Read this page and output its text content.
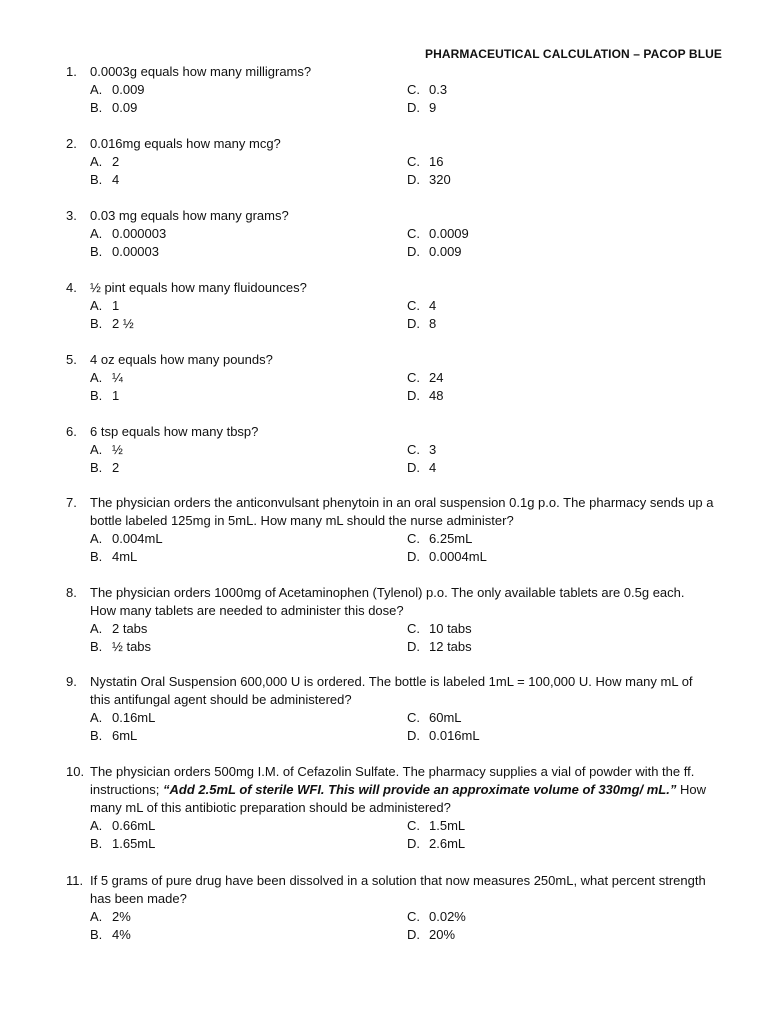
PHARMACEUTICAL CALCULATION – PACOP BLUE
1.	0.0003g equals how many milligrams?
A. 0.009	C. 0.3
B. 0.09	D. 9
2.	0.016mg equals how many mcg?
A. 2	C. 16
B. 4	D. 320
3.	0.03 mg equals how many grams?
A. 0.000003	C. 0.0009
B. 0.00003	D. 0.009
4.	½ pint equals how many fluidounces?
A. 1	C. 4
B. 2 ½	D. 8
5.	4 oz equals how many pounds?
A. ¼	C. 24
B. 1	D. 48
6.	6 tsp equals how many tbsp?
A. ½	C. 3
B. 2	D. 4
7.	The physician orders the anticonvulsant phenytoin in an oral suspension 0.1g p.o. The pharmacy sends up a
bottle labeled 125mg in 5mL. How many mL should the nurse administer?
A. 0.004mL	C. 6.25mL
B. 4mL	D. 0.0004mL
8.	The physician orders 1000mg of Acetaminophen (Tylenol) p.o. The only available tablets are 0.5g each.
How many tablets are needed to administer this dose?
A. 2 tabs	C. 10 tabs
B. ½ tabs	D. 12 tabs
9.	Nystatin Oral Suspension 600,000 U is ordered. The bottle is labeled 1mL = 100,000 U. How many mL of
this antifungal agent should be administered?
A. 0.16mL	C. 60mL
B. 6mL	D. 0.016mL
10. The physician orders 500mg I.M. of Cefazolin Sulfate. The pharmacy supplies a vial of powder with the ff.
instructions; “Add 2.5mL of sterile WFI. This will provide an approximate volume of 330mg/ mL.” How
many mL of this antibiotic preparation should be administered?
A. 0.66mL	C. 1.5mL
B. 1.65mL	D. 2.6mL
11. If 5 grams of pure drug have been dissolved in a solution that now measures 250mL, what percent strength
has been made?
A. 2%	C. 0.02%
B. 4%	D. 20%
